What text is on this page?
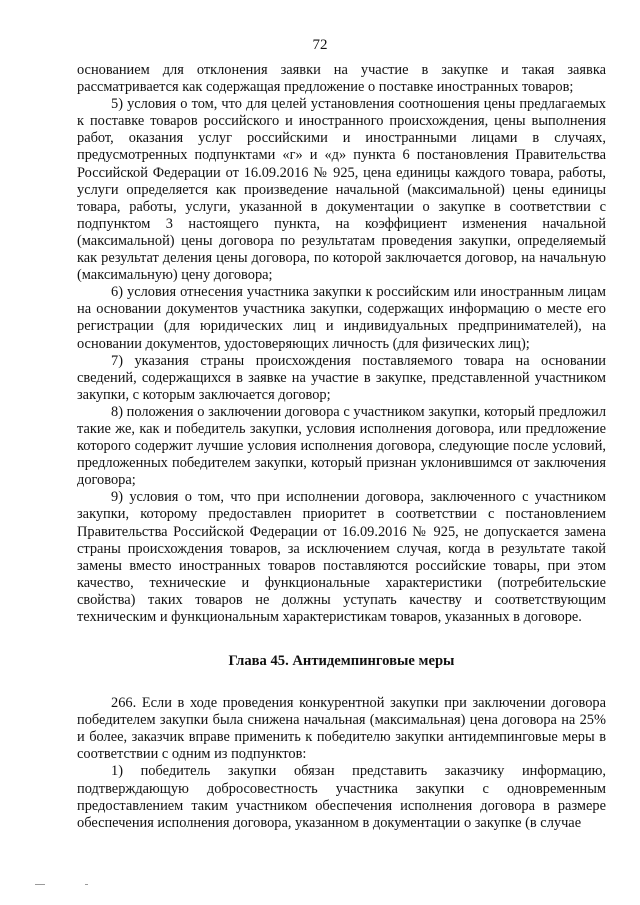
72

основанием для отклонения заявки на участие в закупке и такая заявка рассматривается как содержащая предложение о поставке иностранных товаров;

5) условия о том, что для целей установления соотношения цены предлагаемых к поставке товаров российского и иностранного происхождения, цены выполнения работ, оказания услуг российскими и иностранными лицами в случаях, предусмотренных подпунктами «г» и «д» пункта 6 постановления Правительства Российской Федерации от 16.09.2016 № 925, цена единицы каждого товара, работы, услуги определяется как произведение начальной (максимальной) цены единицы товара, работы, услуги, указанной в документации о закупке в соответствии с подпунктом 3 настоящего пункта, на коэффициент изменения начальной (максимальной) цены договора по результатам проведения закупки, определяемый как результат деления цены договора, по которой заключается договор, на начальную (максимальную) цену договора;

6) условия отнесения участника закупки к российским или иностранным лицам на основании документов участника закупки, содержащих информацию о месте его регистрации (для юридических лиц и индивидуальных предпринимателей), на основании документов, удостоверяющих личность (для физических лиц);

7) указания страны происхождения поставляемого товара на основании сведений, содержащихся в заявке на участие в закупке, представленной участником закупки, с которым заключается договор;

8) положения о заключении договора с участником закупки, который предложил такие же, как и победитель закупки, условия исполнения договора, или предложение которого содержит лучшие условия исполнения договора, следующие после условий, предложенных победителем закупки, который признан уклонившимся от заключения договора;

9) условия о том, что при исполнении договора, заключенного с участником закупки, которому предоставлен приоритет в соответствии с постановлением Правительства Российской Федерации от 16.09.2016 № 925, не допускается замена страны происхождения товаров, за исключением случая, когда в результате такой замены вместо иностранных товаров поставляются российские товары, при этом качество, технические и функциональные характеристики (потребительские свойства) таких товаров не должны уступать качеству и соответствующим техническим и функциональным характеристикам товаров, указанных в договоре.

Глава 45. Антидемпинговые меры

266. Если в ходе проведения конкурентной закупки при заключении договора победителем закупки была снижена начальная (максимальная) цена договора на 25% и более, заказчик вправе применить к победителю закупки антидемпинговые меры в соответствии с одним из подпунктов:

1) победитель закупки обязан представить заказчику информацию, подтверждающую добросовестность участника закупки с одновременным предоставлением таким участником обеспечения исполнения договора в размере обеспечения исполнения договора, указанном в документации о закупке (в случае
